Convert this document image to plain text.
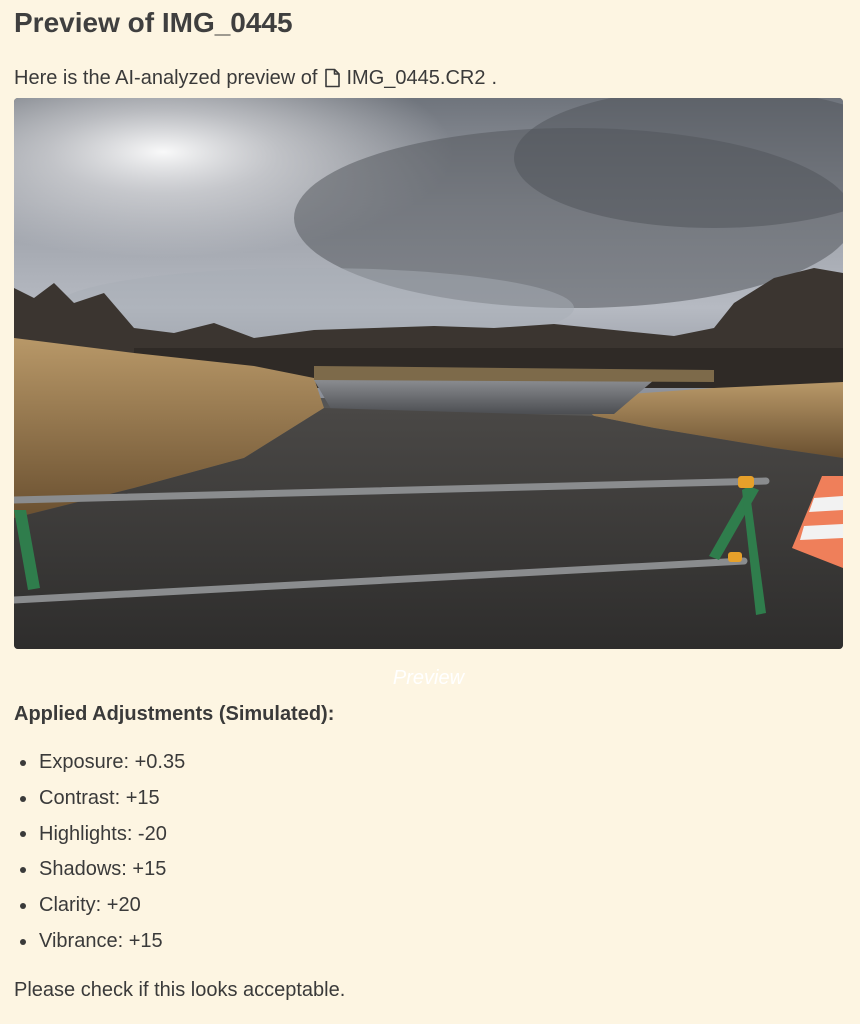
Preview of IMG_0445

Here is the AI-analyzed preview of IMG_0445.CR2 .

Preview
Applied Adjustments (Simulated):
Exposure: +0.35
Contrast: +15
Highlights: -20
Shadows: +15
Clarity: +20
Vibrance: +15

Please check if this looks acceptable.
